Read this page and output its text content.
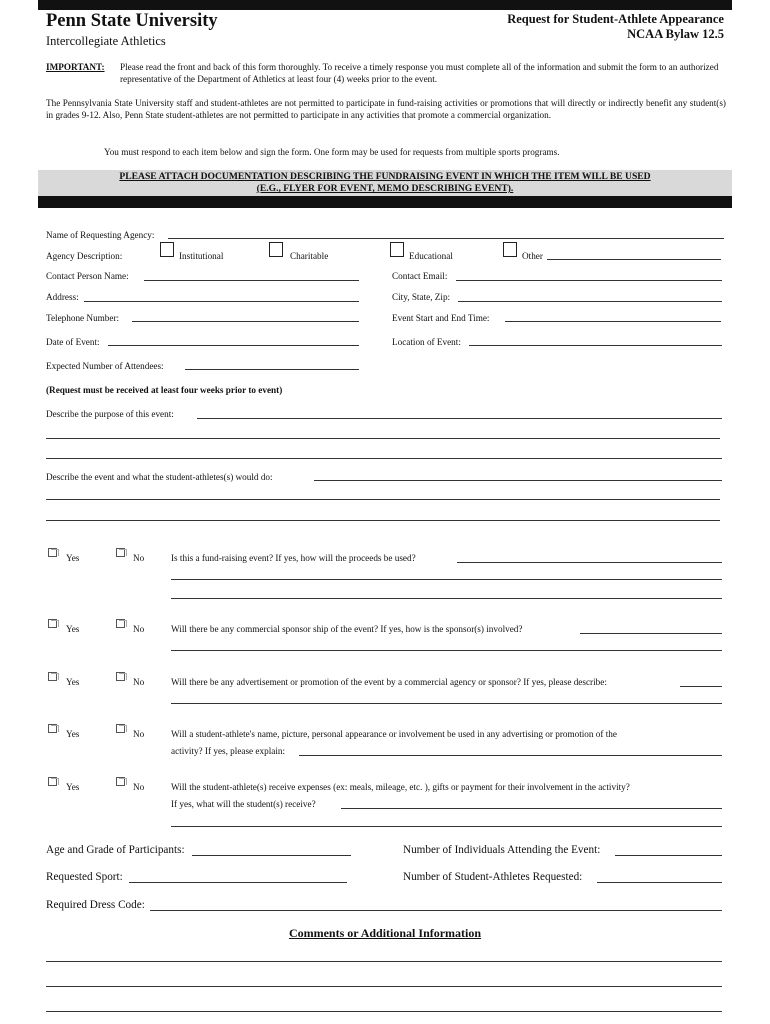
Penn State University
Intercollegiate Athletics
Request for Student-Athlete Appearance
NCAA Bylaw 12.5
IMPORTANT: Please read the front and back of this form thoroughly. To receive a timely response you must complete all of the information and submit the form to an authorized representative of the Department of Athletics at least four (4) weeks prior to the event.
The Pennsylvania State University staff and student-athletes are not permitted to participate in fund-raising activities or promotions that will directly or indirectly benefit any student(s) in grades 9-12. Also, Penn State student-athletes are not permitted to participate in any activities that promote a commercial organization.
You must respond to each item below and sign the form. One form may be used for requests from multiple sports programs.
PLEASE ATTACH DOCUMENTATION DESCRIBING THE FUNDRAISING EVENT IN WHICH THE ITEM WILL BE USED
(E.G., FLYER FOR EVENT, MEMO DESCRIBING EVENT).
Name of Requesting Agency:
Agency Description:	Institutional	Charitable	Educational	Other
Contact Person Name:	Contact Email:
Address:	City, State, Zip:
Telephone Number:	Event Start and End Time:
Date of Event:	Location of Event:
Expected Number of Attendees:
(Request must be received at least four weeks prior to event)
Describe the purpose of this event:
Describe the event and what the student-athletes(s) would do:
Yes	No	Is this a fund-raising event? If yes, how will the proceeds be used?
Yes	No	Will there be any commercial sponsor ship of the event? If yes, how is the sponsor(s) involved?
Yes	No	Will there be any advertisement or promotion of the event by a commercial agency or sponsor? If yes, please describe:
Yes	No	Will a student-athlete's name, picture, personal appearance or involvement be used in any advertising or promotion of the
activity? If yes, please explain:
Yes	No	Will the student-athlete(s) receive expenses (ex: meals, mileage, etc. ), gifts or payment for their involvement in the activity?
If yes, what will the student(s) receive?
Age and Grade of Participants:	Number of Individuals Attending the Event:
Requested Sport:	Number of Student-Athletes Requested:
Required Dress Code:
Comments or Additional Information
